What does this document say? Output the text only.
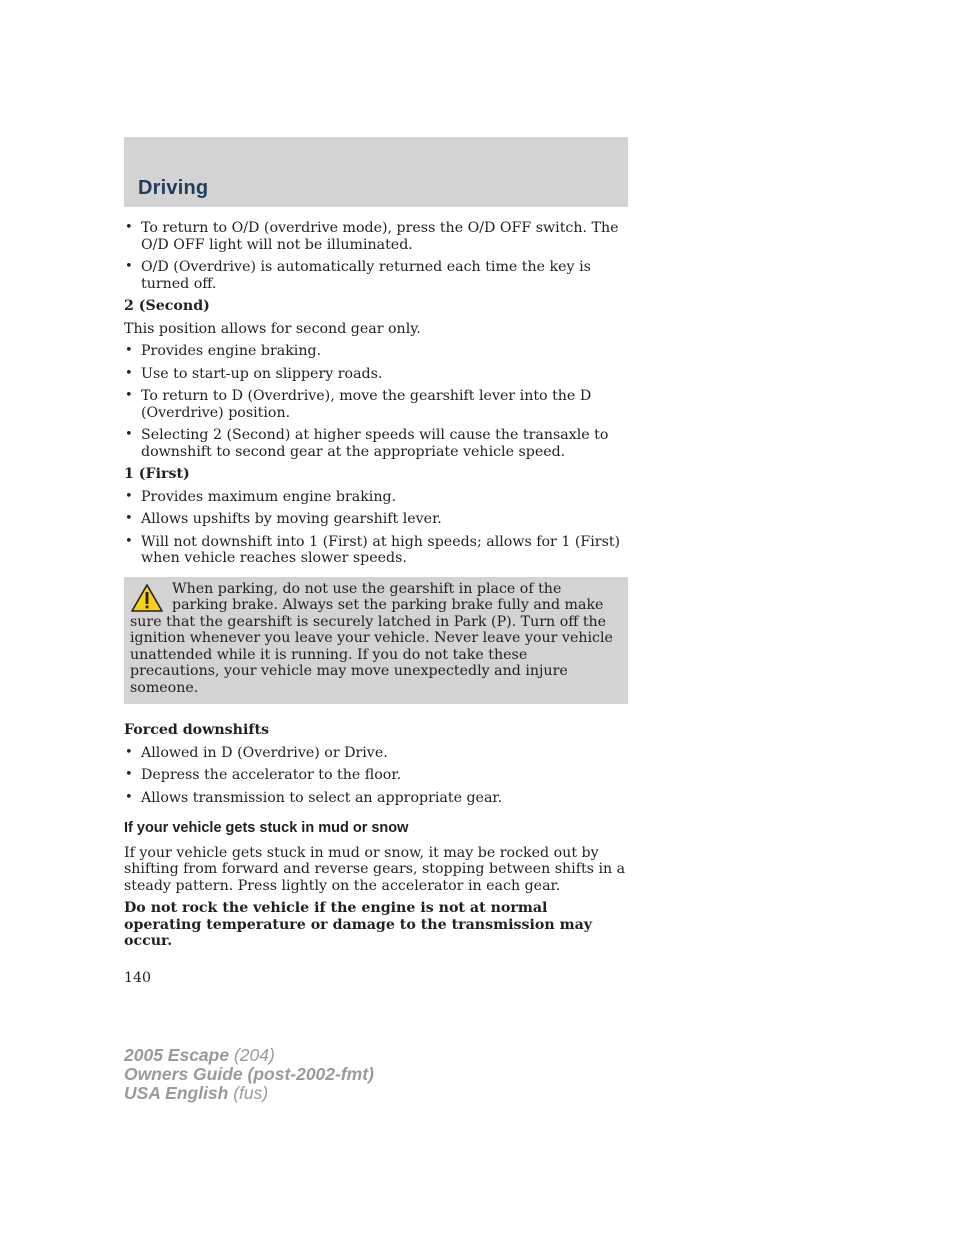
Driving
• To return to O/D (overdrive mode), press the O/D OFF switch. The O/D OFF light will not be illuminated.
• O/D (Overdrive) is automatically returned each time the key is turned off.
2 (Second)

This position allows for second gear only.

• Provides engine braking.
• Use to start-up on slippery roads.
• To return to D (Overdrive), move the gearshift lever into the D (Overdrive) position.
• Selecting 2 (Second) at higher speeds will cause the transaxle to downshift to second gear at the appropriate vehicle speed.
1 (First)
• Provides maximum engine braking.
• Allows upshifts by moving gearshift lever.
• Will not downshift into 1 (First) at high speeds; allows for 1 (First) when vehicle reaches slower speeds.

When parking, do not use the gearshift in place of the parking brake. Always set the parking brake fully and make sure that the gearshift is securely latched in Park (P). Turn off the ignition whenever you leave your vehicle. Never leave your vehicle unattended while it is running. If you do not take these precautions, your vehicle may move unexpectedly and injure someone.

Forced downshifts
• Allowed in D (Overdrive) or Drive.
• Depress the accelerator to the floor.
• Allows transmission to select an appropriate gear.
If your vehicle gets stuck in mud or snow

If your vehicle gets stuck in mud or snow, it may be rocked out by shifting from forward and reverse gears, stopping between shifts in a steady pattern. Press lightly on the accelerator in each gear.

Do not rock the vehicle if the engine is not at normal operating temperature or damage to the transmission may occur.

140
2005 Escape (204)
Owners Guide (post-2002-fmt)
USA English (fus)
